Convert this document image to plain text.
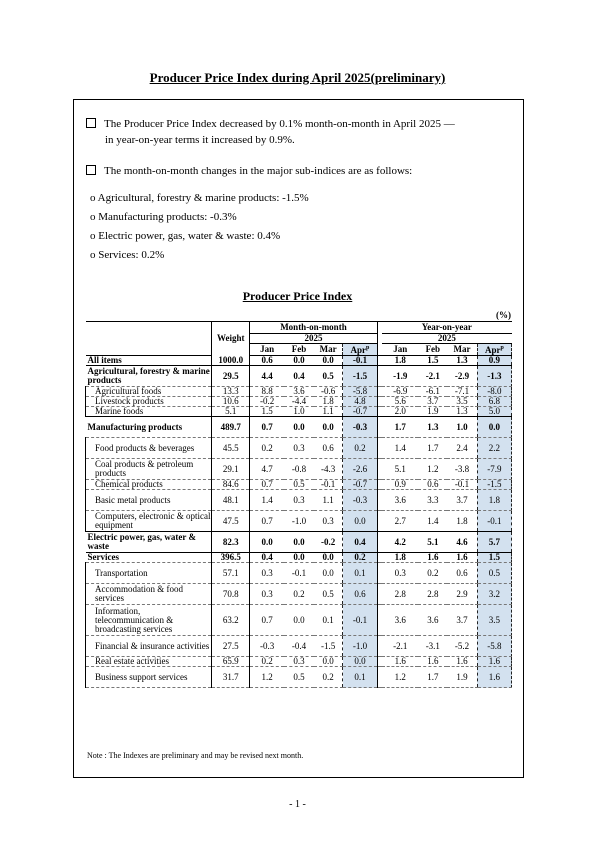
Producer Price Index during April 2025(preliminary)
The Producer Price Index decreased by 0.1% month-on-month in April 2025 —
in year-on-year terms it increased by 0.9%.
The month-on-month changes in the major sub-indices are as follows:
o Agricultural, forestry & marine products: -1.5%
o Manufacturing products: -0.3%
o Electric power, gas, water & waste: 0.4%
o Services: 0.2%
Producer Price Index
(%)
	Weight	Month-on-month					Year-on-year			
		2025					2025			
		Jan	Feb	Mar	Apr$^p$		Jan	Feb	Mar	Apr$^p$
All items	1000.0	0.6	0.0	0.0	-0.1		1.8	1.5	1.3	0.9
Agricultural, forestry & marine products	29.5	4.4	0.4	0.5	-1.5		-1.9	-2.1	-2.9	-1.3
Agricultural foods	13.3	8.8	3.6	-0.6	-5.8		-6.9	-6.1	-7.1	-8.0
Livestock products	10.6	-0.2	-4.4	1.8	4.8		5.6	3.7	3.5	6.8
Marine foods	5.1	1.5	1.0	1.1	-0.7		2.0	1.9	1.3	5.0
Manufacturing products	489.7	0.7	0.0	0.0	-0.3		1.7	1.3	1.0	0.0
Food products & beverages	45.5	0.2	0.3	0.6	0.2		1.4	1.7	2.4	2.2
Coal products & petroleum products	29.1	4.7	-0.8	-4.3	-2.6		5.1	1.2	-3.8	-7.9
Chemical products	84.6	0.7	0.5	-0.1	-0.7		0.9	0.6	-0.1	-1.5
Basic metal products	48.1	1.4	0.3	1.1	-0.3		3.6	3.3	3.7	1.8
Computers, electronic & optical equipment	47.5	0.7	-1.0	0.3	0.0		2.7	1.4	1.8	-0.1
Electric power, gas, water & waste	82.3	0.0	0.0	-0.2	0.4		4.2	5.1	4.6	5.7
Services	396.5	0.4	0.0	0.0	0.2		1.8	1.6	1.6	1.5
Transportation	57.1	0.3	-0.1	0.0	0.1		0.3	0.2	0.6	0.5
Accommodation & food services	70.8	0.3	0.2	0.5	0.6		2.8	2.8	2.9	3.2
Information, telecommunication & broadcasting services	63.2	0.7	0.0	0.1	-0.1		3.6	3.6	3.7	3.5
Financial & insurance activities	27.5	-0.3	-0.4	-1.5	-1.0		-2.1	-3.1	-5.2	-5.8
Real estate activities	65.9	0.2	0.3	0.0	0.0		1.6	1.6	1.6	1.6
Business support services	31.7	1.2	0.5	0.2	0.1		1.2	1.7	1.9	1.6
Note : The Indexes are preliminary and may be revised next month.
- 1 -
